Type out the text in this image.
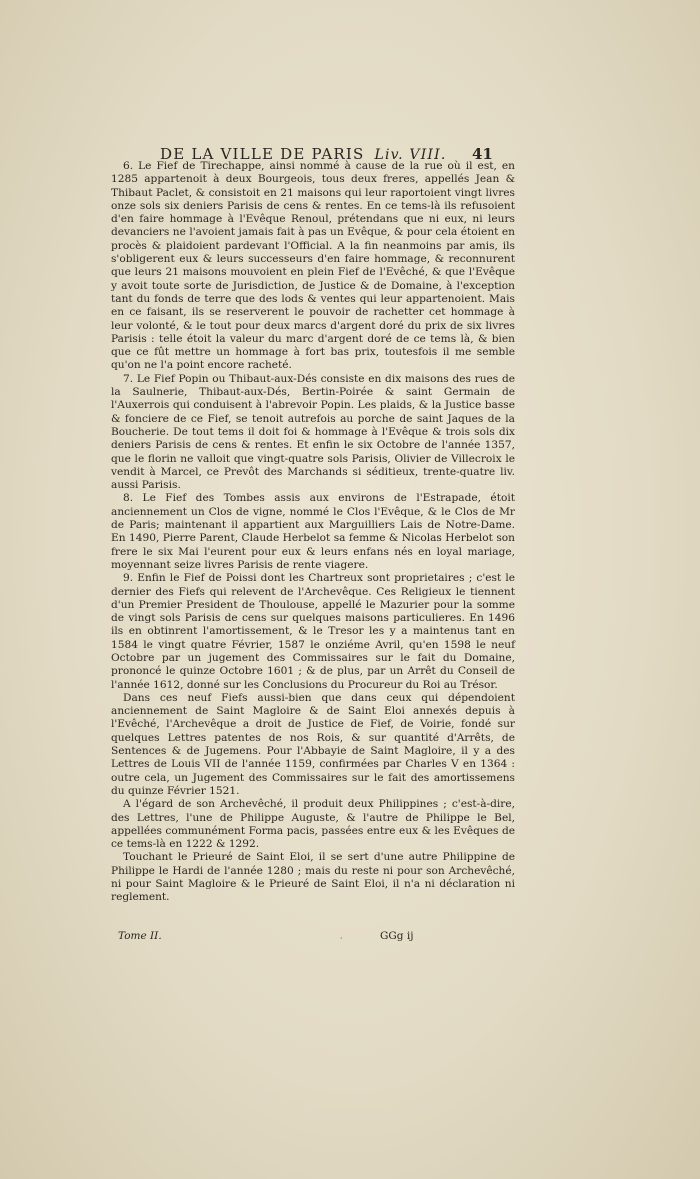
DE LA VILLE DE PARIS Liv. VIII.	41

6. Le Fief de Tirechappe, ainsi nommé à cause de la rue où il est, en 1285 appartenoit à deux Bourgeois, tous deux freres, appellés Jean & Thibaut Paclet, & consistoit en 21 maisons qui leur raportoient vingt livres onze sols six deniers Parisis de cens & rentes. En ce tems-là ils refusoient d'en faire hommage à l'Evêque Renoul, prétendans que ni eux, ni leurs devanciers ne l'avoient jamais fait à pas un Evêque, & pour cela étoient en procès & plaidoient pardevant l'Official. A la fin neanmoins par amis, ils s'obligerent eux & leurs successeurs d'en faire hommage, & reconnurent que leurs 21 maisons mouvoient en plein Fief de l'Evêché, & que l'Evêque y avoit toute sorte de Jurisdiction, de Justice & de Domaine, à l'exception tant du fonds de terre que des lods & ventes qui leur appartenoient. Mais en ce faisant, ils se reserverent le pouvoir de rachetter cet hommage à leur volonté, & le tout pour deux marcs d'argent doré du prix de six livres Parisis : telle étoit la valeur du marc d'argent doré de ce tems là, & bien que ce fût mettre un hommage à fort bas prix, toutesfois il me semble qu'on ne l'a point encore racheté.

7. Le Fief Popin ou Thibaut-aux-Dés consiste en dix maisons des rues de la Saulnerie, Thibaut-aux-Dés, Bertin-Poirée & saint Germain de l'Auxerrois qui conduisent à l'abrevoir Popin. Les plaids, & la Justice basse & fonciere de ce Fief, se tenoit autrefois au porche de saint Jaques de la Boucherie. De tout tems il doit foi & hommage à l'Evêque & trois sols dix deniers Parisis de cens & rentes. Et enfin le six Octobre de l'année 1357, que le florin ne valloit que vingt-quatre sols Parisis, Olivier de Villecroix le vendit à Marcel, ce Prevôt des Marchands si séditieux, trente-quatre liv. aussi Parisis.

8. Le Fief des Tombes assis aux environs de l'Estrapade, étoit anciennement un Clos de vigne, nommé le Clos l'Evêque, & le Clos de Mr de Paris; maintenant il appartient aux Marguilliers Lais de Notre-Dame. En 1490, Pierre Parent, Claude Herbelot sa femme & Nicolas Herbelot son frere le six Mai l'eurent pour eux & leurs enfans nés en loyal mariage, moyennant seize livres Parisis de rente viagere.

9. Enfin le Fief de Poissi dont les Chartreux sont proprietaires ; c'est le dernier des Fiefs qui relevent de l'Archevêque. Ces Religieux le tiennent d'un Premier President de Thoulouse, appellé le Mazurier pour la somme de vingt sols Parisis de cens sur quelques maisons particulieres. En 1496 ils en obtinrent l'amortissement, & le Tresor les y a maintenus tant en 1584 le vingt quatre Février, 1587 le onziéme Avril, qu'en 1598 le neuf Octobre par un jugement des Commissaires sur le fait du Domaine, prononcé le quinze Octobre 1601 ; & de plus, par un Arrêt du Conseil de l'année 1612, donné sur les Conclusions du Procureur du Roi au Trésor.

Dans ces neuf Fiefs aussi-bien que dans ceux qui dépendoient anciennement de Saint Magloire & de Saint Eloi annexés depuis à l'Evêché, l'Archevêque a droit de Justice de Fief, de Voirie, fondé sur quelques Lettres patentes de nos Rois, & sur quantité d'Arrêts, de Sentences & de Jugemens. Pour l'Abbayie de Saint Magloire, il y a des Lettres de Louis VII de l'année 1159, confirmées par Charles V en 1364 : outre cela, un Jugement des Commissaires sur le fait des amortissemens du quinze Février 1521.

A l'égard de son Archevêché, il produit deux Philippines ; c'est-à-dire, des Lettres, l'une de Philippe Auguste, & l'autre de Philippe le Bel, appellées communément Forma pacis, passées entre eux & les Evêques de ce tems-là en 1222 & 1292.

Touchant le Prieuré de Saint Eloi, il se sert d'une autre Philippine de Philippe le Hardi de l'année 1280 ; mais du reste ni pour son Archevêché, ni pour Saint Magloire & le Prieuré de Saint Eloi, il n'a ni déclaration ni reglement.

Tome II.	GGg ij
·
